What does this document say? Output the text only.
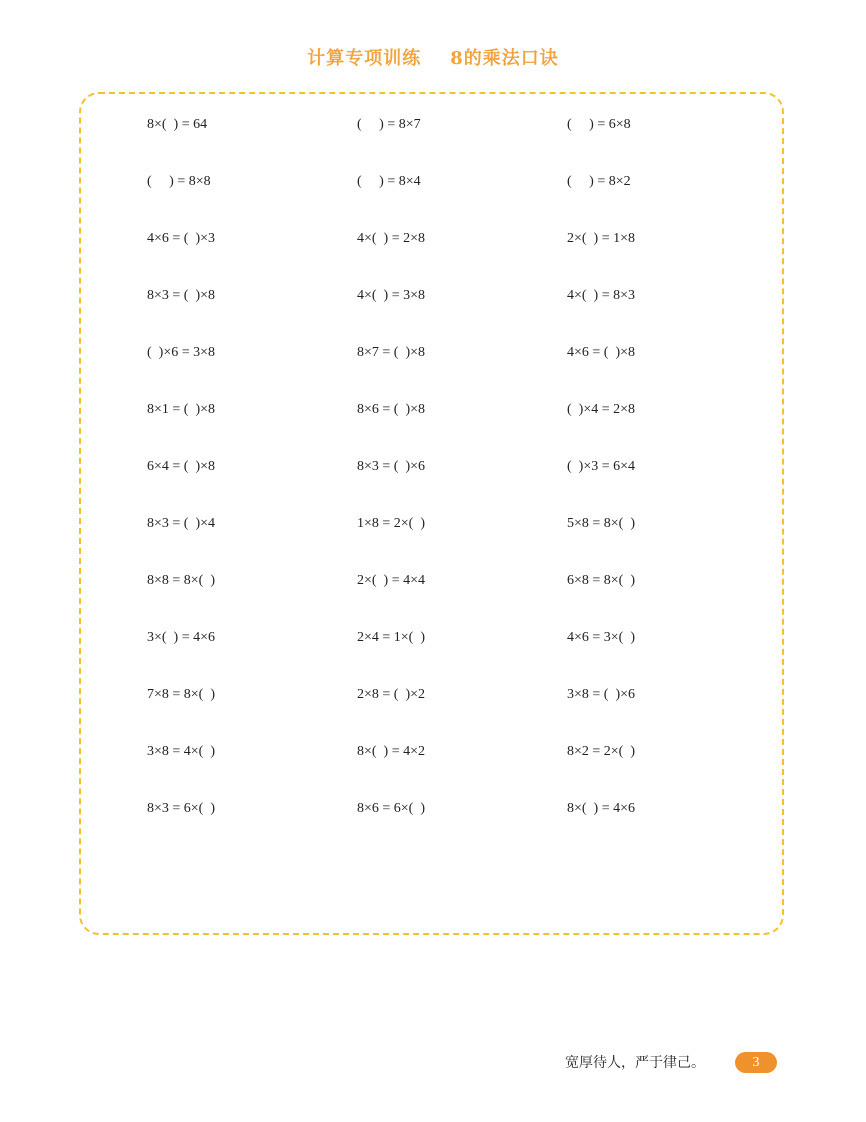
计算专项训练    8的乘法口诀
8×(  ) = 64	(     ) = 8×7	(     ) = 6×8
(     ) = 8×8	(     ) = 8×4	(     ) = 8×2
4×6 = (  )×3	4×(  ) = 2×8	2×(  ) = 1×8
8×3 = (  )×8	4×(  ) = 3×8	4×(  ) = 8×3
(  )×6 = 3×8	8×7 = (  )×8	4×6 = (  )×8
8×1 = (  )×8	8×6 = (  )×8	(  )×4 = 2×8
6×4 = (  )×8	8×3 = (  )×6	(  )×3 = 6×4
8×3 = (  )×4	1×8 = 2×(  )	5×8 = 8×(  )
8×8 = 8×(  )	2×(  ) = 4×4	6×8 = 8×(  )
3×(  ) = 4×6	2×4 = 1×(  )	4×6 = 3×(  )
7×8 = 8×(  )	2×8 = (  )×2	3×8 = (  )×6
3×8 = 4×(  )	8×(  ) = 4×2	8×2 = 2×(  )
8×3 = 6×(  )	8×6 = 6×(  )	8×(  ) = 4×6
宽厚待人，严于律己。	3
